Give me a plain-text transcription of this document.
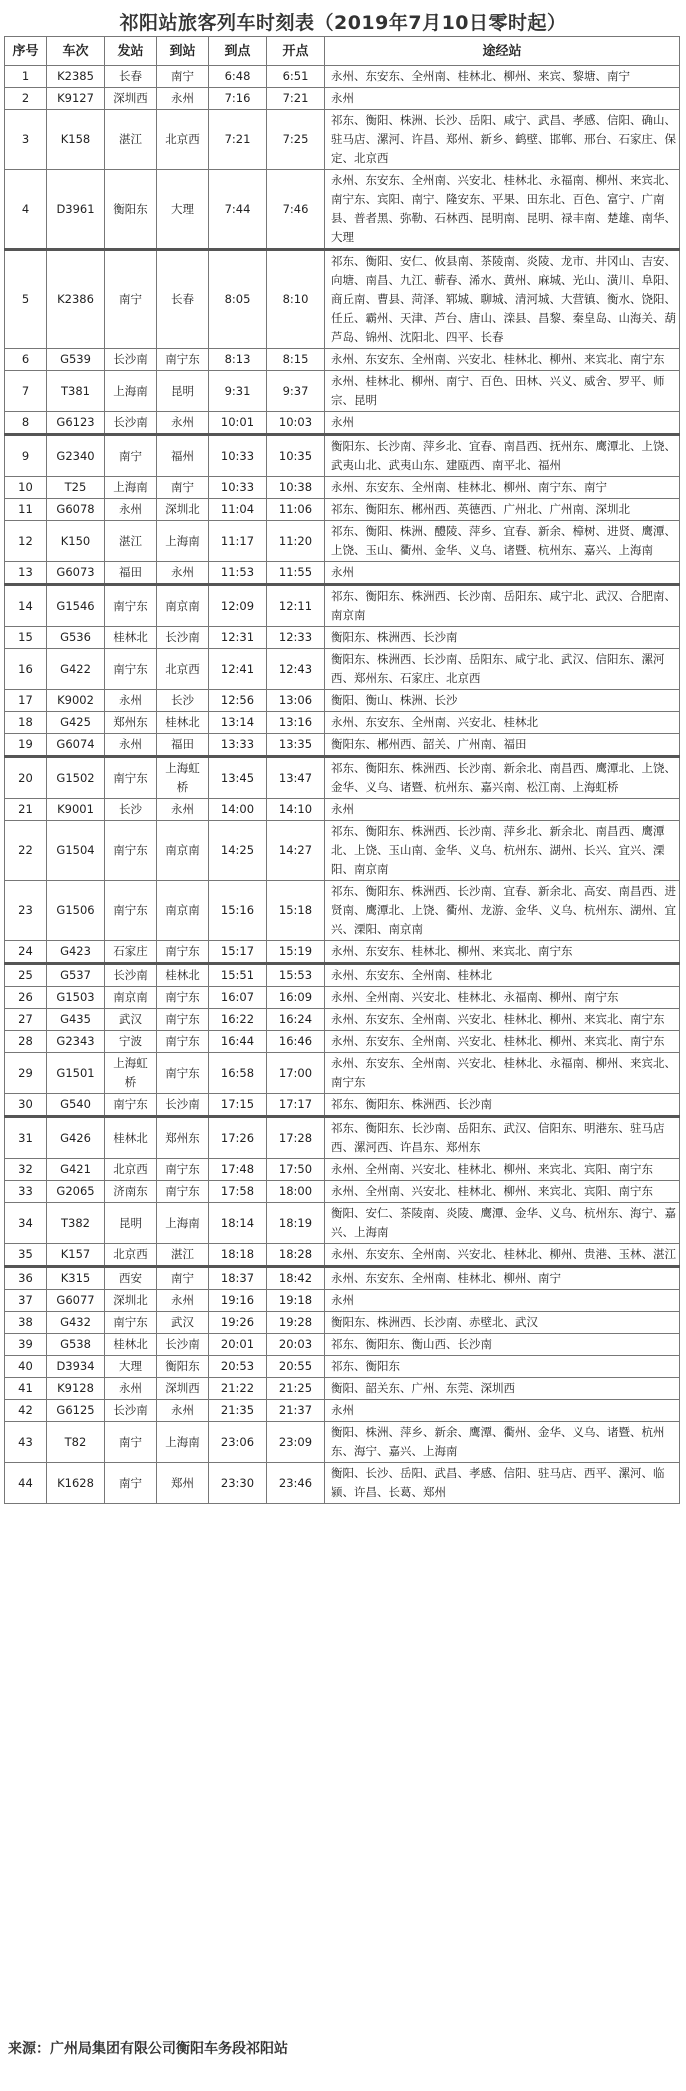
祁阳站旅客列车时刻表（2019年7月10日零时起）
序号	车次	发站	到站	到点	开点	途经站
1	K2385	长春	南宁	6:48	6:51	永州、东安东、全州南、桂林北、柳州、来宾、黎塘、南宁
2	K9127	深圳西	永州	7:16	7:21	永州
3	K158	湛江	北京西	7:21	7:25	祁东、衡阳、株洲、长沙、岳阳、咸宁、武昌、孝感、信阳、确山、驻马店、漯河、许昌、郑州、新乡、鹤壁、邯郸、邢台、石家庄、保定、北京西
4	D3961	衡阳东	大理	7:44	7:46	永州、东安东、全州南、兴安北、桂林北、永福南、柳州、来宾北、南宁东、宾阳、南宁、隆安东、平果、田东北、百色、富宁、广南县、普者黑、弥勒、石林西、昆明南、昆明、禄丰南、楚雄、南华、大理
5	K2386	南宁	长春	8:05	8:10	祁东、衡阳、安仁、攸县南、茶陵南、炎陵、龙市、井冈山、吉安、向塘、南昌、九江、蕲春、浠水、黄州、麻城、光山、潢川、阜阳、商丘南、曹县、菏泽、郓城、聊城、清河城、大营镇、衡水、饶阳、任丘、霸州、天津、芦台、唐山、滦县、昌黎、秦皇岛、山海关、葫芦岛、锦州、沈阳北、四平、长春
6	G539	长沙南	南宁东	8:13	8:15	永州、东安东、全州南、兴安北、桂林北、柳州、来宾北、南宁东
7	T381	上海南	昆明	9:31	9:37	永州、桂林北、柳州、南宁、百色、田林、兴义、威舍、罗平、师宗、昆明
8	G6123	长沙南	永州	10:01	10:03	永州
9	G2340	南宁	福州	10:33	10:35	衡阳东、长沙南、萍乡北、宜春、南昌西、抚州东、鹰潭北、上饶、武夷山北、武夷山东、建瓯西、南平北、福州
10	T25	上海南	南宁	10:33	10:38	永州、东安东、全州南、桂林北、柳州、南宁东、南宁
11	G6078	永州	深圳北	11:04	11:06	祁东、衡阳东、郴州西、英德西、广州北、广州南、深圳北
12	K150	湛江	上海南	11:17	11:20	祁东、衡阳、株洲、醴陵、萍乡、宜春、新余、樟树、进贤、鹰潭、上饶、玉山、衢州、金华、义乌、诸暨、杭州东、嘉兴、上海南
13	G6073	福田	永州	11:53	11:55	永州
14	G1546	南宁东	南京南	12:09	12:11	祁东、衡阳东、株洲西、长沙南、岳阳东、咸宁北、武汉、合肥南、南京南
15	G536	桂林北	长沙南	12:31	12:33	衡阳东、株洲西、长沙南
16	G422	南宁东	北京西	12:41	12:43	衡阳东、株洲西、长沙南、岳阳东、咸宁北、武汉、信阳东、漯河西、郑州东、石家庄、北京西
17	K9002	永州	长沙	12:56	13:06	衡阳、衡山、株洲、长沙
18	G425	郑州东	桂林北	13:14	13:16	永州、东安东、全州南、兴安北、桂林北
19	G6074	永州	福田	13:33	13:35	衡阳东、郴州西、韶关、广州南、福田
20	G1502	南宁东	上海虹桥	13:45	13:47	祁东、衡阳东、株洲西、长沙南、新余北、南昌西、鹰潭北、上饶、金华、义乌、诸暨、杭州东、嘉兴南、松江南、上海虹桥
21	K9001	长沙	永州	14:00	14:10	永州
22	G1504	南宁东	南京南	14:25	14:27	祁东、衡阳东、株洲西、长沙南、萍乡北、新余北、南昌西、鹰潭北、上饶、玉山南、金华、义乌、杭州东、湖州、长兴、宜兴、溧阳、南京南
23	G1506	南宁东	南京南	15:16	15:18	祁东、衡阳东、株洲西、长沙南、宜春、新余北、高安、南昌西、进贤南、鹰潭北、上饶、衢州、龙游、金华、义乌、杭州东、湖州、宜兴、溧阳、南京南
24	G423	石家庄	南宁东	15:17	15:19	永州、东安东、桂林北、柳州、来宾北、南宁东
25	G537	长沙南	桂林北	15:51	15:53	永州、东安东、全州南、桂林北
26	G1503	南京南	南宁东	16:07	16:09	永州、全州南、兴安北、桂林北、永福南、柳州、南宁东
27	G435	武汉	南宁东	16:22	16:24	永州、东安东、全州南、兴安北、桂林北、柳州、来宾北、南宁东
28	G2343	宁波	南宁东	16:44	16:46	永州、东安东、全州南、兴安北、桂林北、柳州、来宾北、南宁东
29	G1501	上海虹桥	南宁东	16:58	17:00	永州、东安东、全州南、兴安北、桂林北、永福南、柳州、来宾北、南宁东
30	G540	南宁东	长沙南	17:15	17:17	祁东、衡阳东、株洲西、长沙南
31	G426	桂林北	郑州东	17:26	17:28	祁东、衡阳东、长沙南、岳阳东、武汉、信阳东、明港东、驻马店西、漯河西、许昌东、郑州东
32	G421	北京西	南宁东	17:48	17:50	永州、全州南、兴安北、桂林北、柳州、来宾北、宾阳、南宁东
33	G2065	济南东	南宁东	17:58	18:00	永州、全州南、兴安北、桂林北、柳州、来宾北、宾阳、南宁东
34	T382	昆明	上海南	18:14	18:19	衡阳、安仁、茶陵南、炎陵、鹰潭、金华、义乌、杭州东、海宁、嘉兴、上海南
35	K157	北京西	湛江	18:18	18:28	永州、东安东、全州南、兴安北、桂林北、柳州、贵港、玉林、湛江
36	K315	西安	南宁	18:37	18:42	永州、东安东、全州南、桂林北、柳州、南宁
37	G6077	深圳北	永州	19:16	19:18	永州
38	G432	南宁东	武汉	19:26	19:28	衡阳东、株洲西、长沙南、赤壁北、武汉
39	G538	桂林北	长沙南	20:01	20:03	祁东、衡阳东、衡山西、长沙南
40	D3934	大理	衡阳东	20:53	20:55	祁东、衡阳东
41	K9128	永州	深圳西	21:22	21:25	衡阳、韶关东、广州、东莞、深圳西
42	G6125	长沙南	永州	21:35	21:37	永州
43	T82	南宁	上海南	23:06	23:09	衡阳、株洲、萍乡、新余、鹰潭、衢州、金华、义乌、诸暨、杭州东、海宁、嘉兴、上海南
44	K1628	南宁	郑州	23:30	23:46	衡阳、长沙、岳阳、武昌、孝感、信阳、驻马店、西平、漯河、临颍、许昌、长葛、郑州
来源：广州局集团有限公司衡阳车务段祁阳站
